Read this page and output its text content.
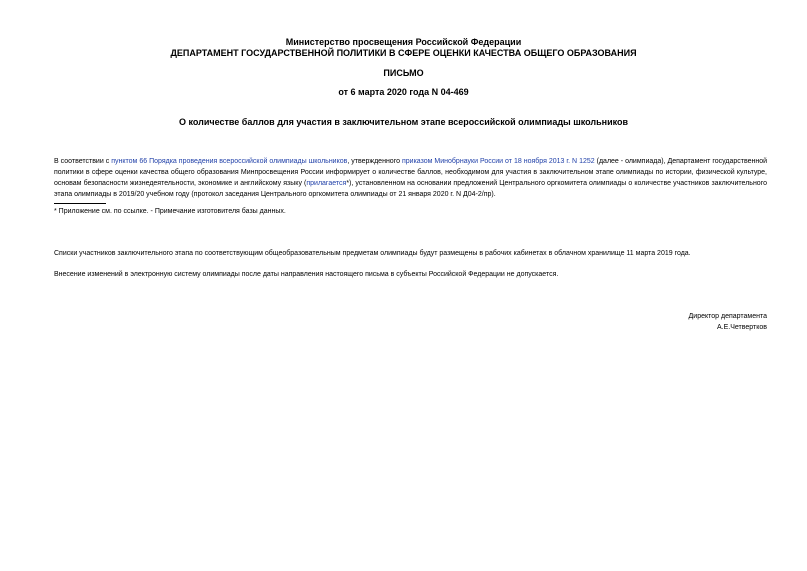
Министерство просвещения Российской Федерации
ДЕПАРТАМЕНТ ГОСУДАРСТВЕННОЙ ПОЛИТИКИ В СФЕРЕ ОЦЕНКИ КАЧЕСТВА ОБЩЕГО ОБРАЗОВАНИЯ
ПИСЬМО
от 6 марта 2020 года N 04-469
О количестве баллов для участия в заключительном этапе всероссийской олимпиады школьников
В соответствии с пунктом 66 Порядка проведения всероссийской олимпиады школьников, утвержденного приказом Минобрнауки России от 18 ноября 2013 г. N 1252 (далее - олимпиада), Департамент государственной политики в сфере оценки качества общего образования Минпросвещения России информирует о количестве баллов, необходимом для участия в заключительном этапе олимпиады по истории, физической культуре, основам безопасности жизнедеятельности, экономике и английскому языку (прилагается*), установленном на основании предложений Центрального оргкомитета олимпиады о количестве участников заключительного этапа олимпиады в 2019/20 учебном году (протокол заседания Центрального оргкомитета олимпиады от 21 января 2020 г. N Д04-2/пр).
* Приложение см. по ссылке. - Примечание изготовителя базы данных.
Списки участников заключительного этапа по соответствующим общеобразовательным предметам олимпиады будут размещены в рабочих кабинетах в облачном хранилище 11 марта 2019 года.
Внесение изменений в электронную систему олимпиады после даты направления настоящего письма в субъекты Российской Федерации не допускается.
Директор департамента
А.Е.Четвертков
